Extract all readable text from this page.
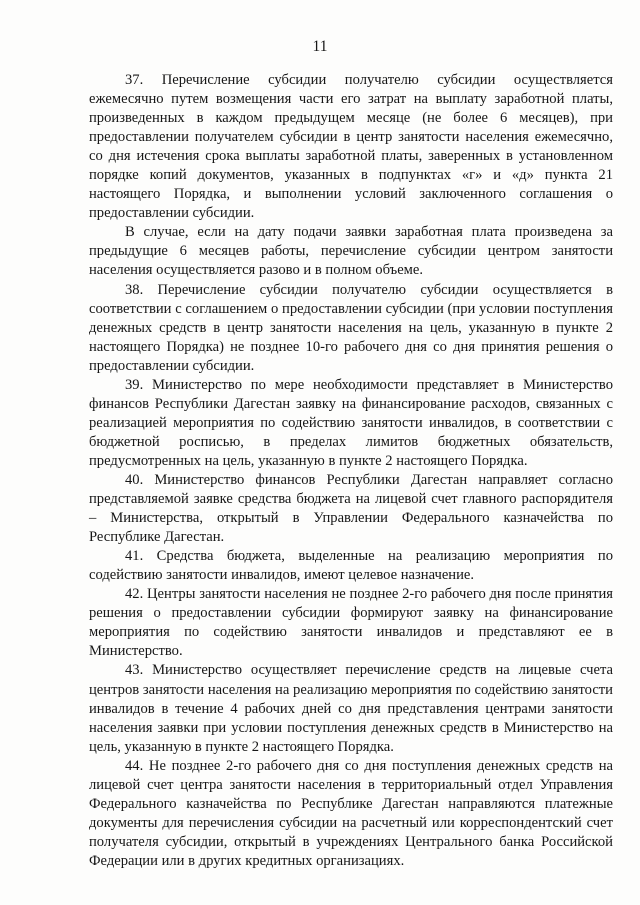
11

37. Перечисление субсидии получателю субсидии осуществляется ежемесячно путем возмещения части его затрат на выплату заработной платы, произведенных в каждом предыдущем месяце (не более 6 месяцев), при предоставлении получателем субсидии в центр занятости населения ежемесячно, со дня истечения срока выплаты заработной платы, заверенных в установленном порядке копий документов, указанных в подпунктах «г» и «д» пункта 21 настоящего Порядка, и выполнении условий заключенного соглашения о предоставлении субсидии.

В случае, если на дату подачи заявки заработная плата произведена за предыдущие 6 месяцев работы, перечисление субсидии центром занятости населения осуществляется разово и в полном объеме.

38. Перечисление субсидии получателю субсидии осуществляется в соответствии с соглашением о предоставлении субсидии (при условии поступления денежных средств в центр занятости населения на цель, указанную в пункте 2 настоящего Порядка) не позднее 10-го рабочего дня со дня принятия решения о предоставлении субсидии.

39. Министерство по мере необходимости представляет в Министерство финансов Республики Дагестан заявку на финансирование расходов, связанных с реализацией мероприятия по содействию занятости инвалидов, в соответствии с бюджетной росписью, в пределах лимитов бюджетных обязательств, предусмотренных на цель, указанную в пункте 2 настоящего Порядка.

40. Министерство финансов Республики Дагестан направляет согласно представляемой заявке средства бюджета на лицевой счет главного распорядителя – Министерства, открытый в Управлении Федерального казначейства по Республике Дагестан.

41. Средства бюджета, выделенные на реализацию мероприятия по содействию занятости инвалидов, имеют целевое назначение.

42. Центры занятости населения не позднее 2-го рабочего дня после принятия решения о предоставлении субсидии формируют заявку на финансирование мероприятия по содействию занятости инвалидов и представляют ее в Министерство.

43. Министерство осуществляет перечисление средств на лицевые счета центров занятости населения на реализацию мероприятия по содействию занятости инвалидов в течение 4 рабочих дней со дня представления центрами занятости населения заявки при условии поступления денежных средств в Министерство на цель, указанную в пункте 2 настоящего Порядка.

44. Не позднее 2-го рабочего дня со дня поступления денежных средств на лицевой счет центра занятости населения в территориальный отдел Управления Федерального казначейства по Республике Дагестан направляются платежные документы для перечисления субсидии на расчетный или корреспондентский счет получателя субсидии, открытый в учреждениях Центрального банка Российской Федерации или в других кредитных организациях.
